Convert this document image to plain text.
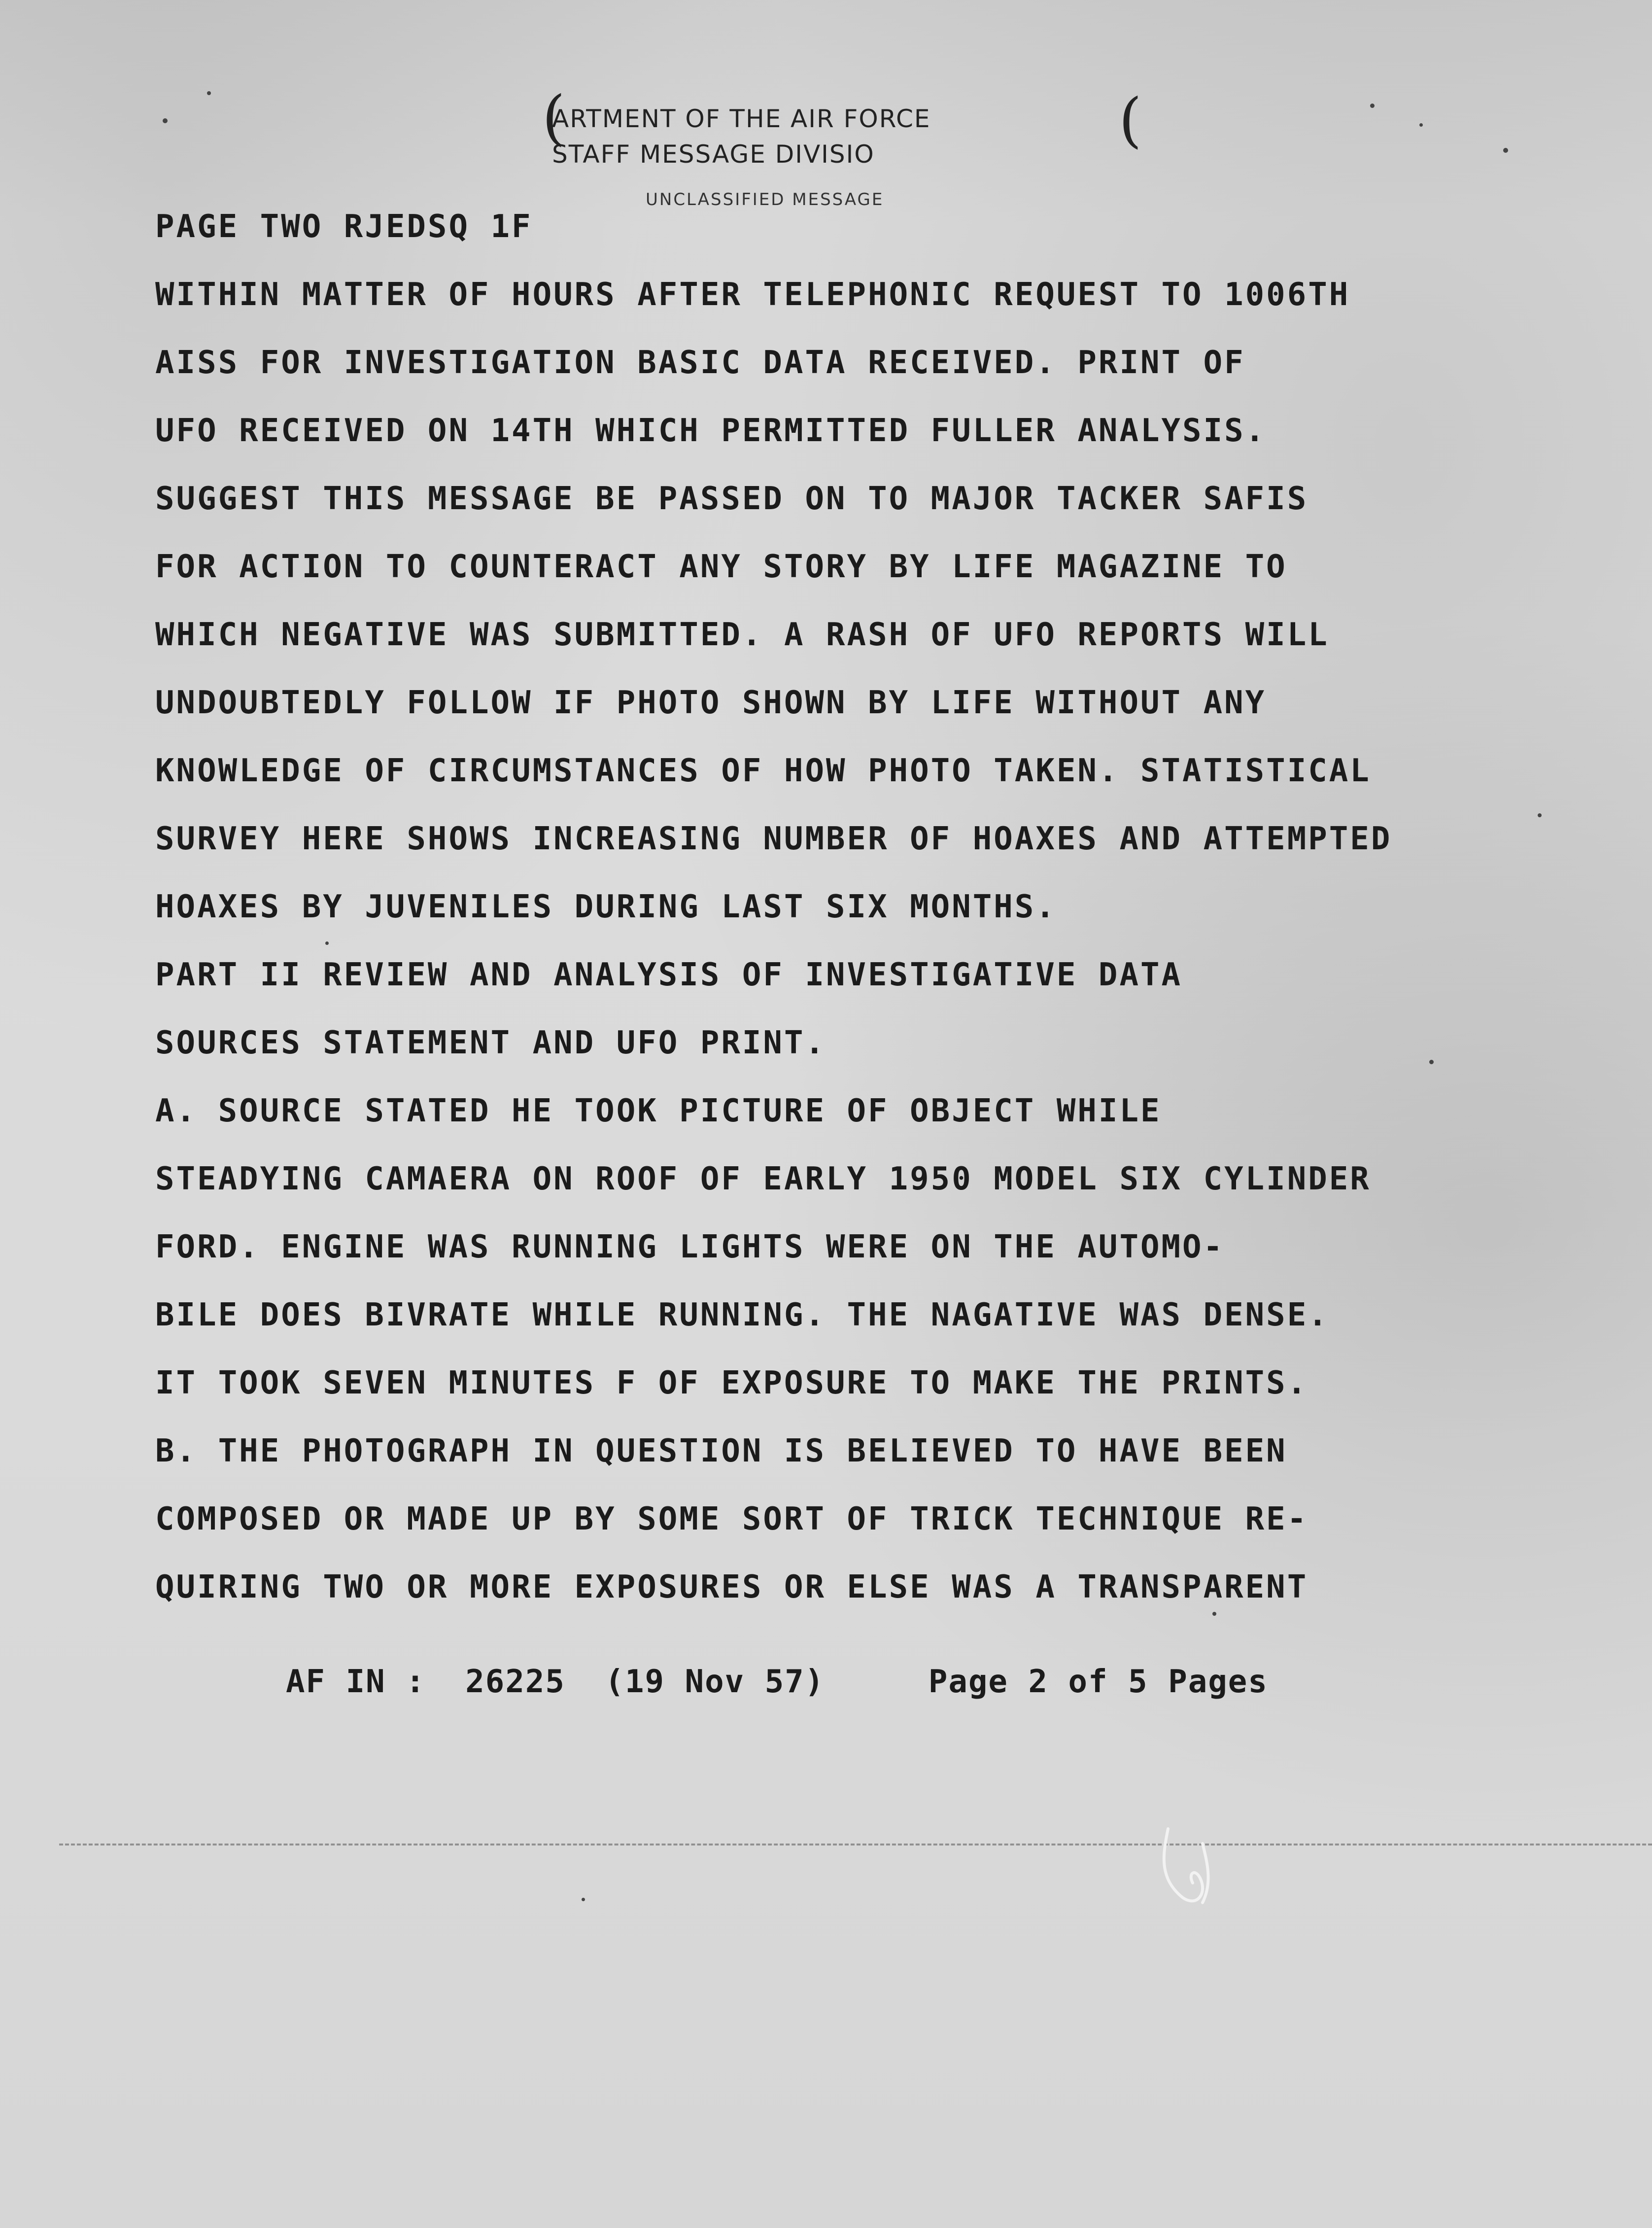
(	(
ARTMENT OF THE AIR FORCE
STAFF MESSAGE DIVISIO
UNCLASSIFIED MESSAGE
PAGE TWO RJEDSQ 1F
WITHIN MATTER OF HOURS AFTER TELEPHONIC REQUEST TO 1006TH
AISS FOR INVESTIGATION BASIC DATA RECEIVED. PRINT OF
UFO RECEIVED ON 14TH WHICH PERMITTED FULLER ANALYSIS.
SUGGEST THIS MESSAGE BE PASSED ON TO MAJOR TACKER SAFIS
FOR ACTION TO COUNTERACT ANY STORY BY LIFE MAGAZINE TO
WHICH NEGATIVE WAS SUBMITTED. A RASH OF UFO REPORTS WILL
UNDOUBTEDLY FOLLOW IF PHOTO SHOWN BY LIFE WITHOUT ANY
KNOWLEDGE OF CIRCUMSTANCES OF HOW PHOTO TAKEN. STATISTICAL
SURVEY HERE SHOWS INCREASING NUMBER OF HOAXES AND ATTEMPTED
HOAXES BY JUVENILES DURING LAST SIX MONTHS.
PART II REVIEW AND ANALYSIS OF INVESTIGATIVE DATA
SOURCES STATEMENT AND UFO PRINT.
A. SOURCE STATED HE TOOK PICTURE OF OBJECT WHILE
STEADYING CAMAERA ON ROOF OF EARLY 1950 MODEL SIX CYLINDER
FORD. ENGINE WAS RUNNING LIGHTS WERE ON THE AUTOMO-
BILE DOES BIVRATE WHILE RUNNING. THE NAGATIVE WAS DENSE.
IT TOOK SEVEN MINUTES F OF EXPOSURE TO MAKE THE PRINTS.
B. THE PHOTOGRAPH IN QUESTION IS BELIEVED TO HAVE BEEN
COMPOSED OR MADE UP BY SOME SORT OF TRICK TECHNIQUE RE-
QUIRING TWO OR MORE EXPOSURES OR ELSE WAS A TRANSPARENT
AF IN : 26225 (19 Nov 57)	Page 2 of 5 Pages
